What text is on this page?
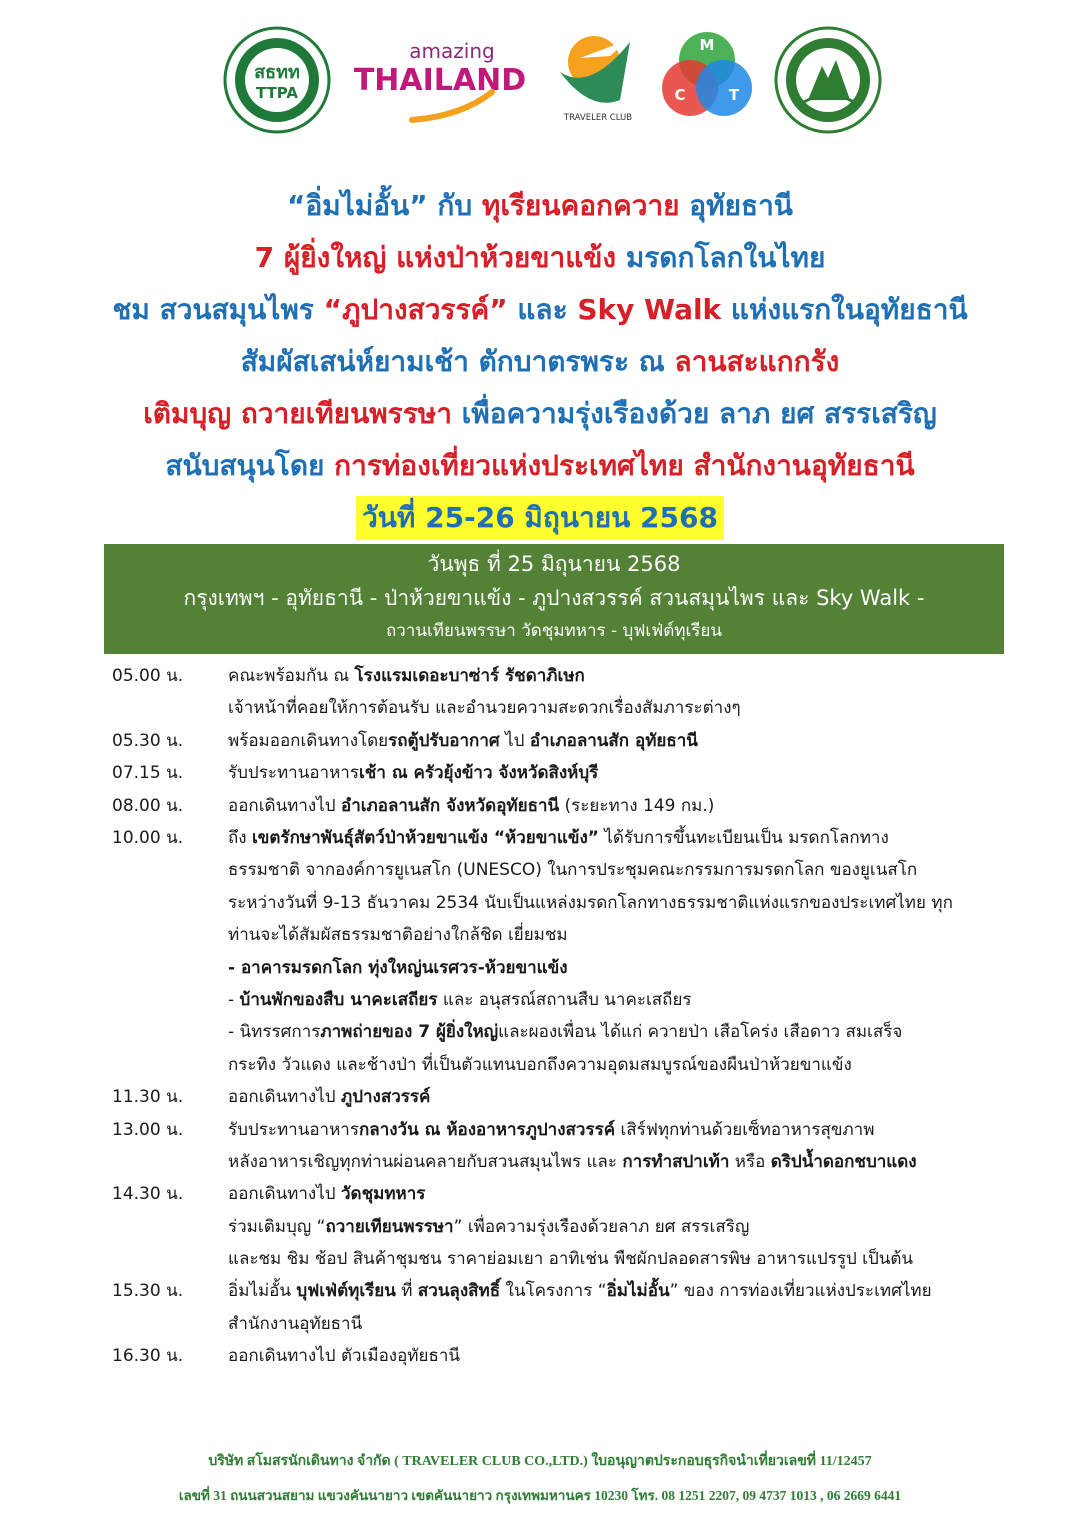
สธทท
TTPA
amazing
THAILAND
TRAVELER CLUB
M
C	T
“อิ่มไม่อั้น” กับ ทุเรียนคอกควาย อุทัยธานี
7 ผู้ยิ่งใหญ่ แห่งป่าห้วยขาแข้ง มรดกโลกในไทย
ชม สวนสมุนไพร “ภูปางสวรรค์” และ Sky Walk แห่งแรกในอุทัยธานี
สัมผัสเสน่ห์ยามเช้า ตักบาตรพระ ณ ลานสะแกกรัง
เติมบุญ ถวายเทียนพรรษา เพื่อความรุ่งเรืองด้วย ลาภ ยศ สรรเสริญ
สนับสนุนโดย การท่องเที่ยวแห่งประเทศไทย สำนักงานอุทัยธานี
วันที่ 25-26 มิถุนายน 2568
วันพุธ ที่ 25 มิถุนายน 2568
กรุงเทพฯ - อุทัยธานี - ป่าห้วยขาแข้ง - ภูปางสวรรค์ สวนสมุนไพร และ Sky Walk -
ถวานเทียนพรรษา วัดชุมทหาร - บุฟเฟ่ต์ทุเรียน
05.00 น.	คณะพร้อมกัน ณ โรงแรมเดอะบาซ่าร์ รัชดาภิเษก
เจ้าหน้าที่คอยให้การต้อนรับ และอำนวยความสะดวกเรื่องสัมภาระต่างๆ
05.30 น.	พร้อมออกเดินทางโดยรถตู้ปรับอากาศ ไป อำเภอลานสัก อุทัยธานี
07.15 น.	รับประทานอาหารเช้า ณ ครัวยุ้งข้าว จังหวัดสิงห์บุรี
08.00 น.	ออกเดินทางไป อำเภอลานสัก จังหวัดอุทัยธานี (ระยะทาง 149 กม.)
10.00 น.	ถึง เขตรักษาพันธุ์สัตว์ป่าห้วยขาแข้ง “ห้วยขาแข้ง” ได้รับการขึ้นทะเบียนเป็น มรดกโลกทาง
ธรรมชาติ จากองค์การยูเนสโก (UNESCO) ในการประชุมคณะกรรมการมรดกโลก ของยูเนสโก
ระหว่างวันที่ 9-13 ธันวาคม 2534 นับเป็นแหล่งมรดกโลกทางธรรมชาติแห่งแรกของประเทศไทย ทุก
ท่านจะได้สัมผัสธรรมชาติอย่างใกล้ชิด เยี่ยมชม
- อาคารมรดกโลก ทุ่งใหญ่นเรศวร-ห้วยขาแข้ง
- บ้านพักของสืบ นาคะเสถียร และ อนุสรณ์สถานสืบ นาคะเสถียร
- นิทรรศการภาพถ่ายของ 7 ผู้ยิ่งใหญ่และผองเพื่อน ได้แก่ ควายป่า เสือโคร่ง เสือดาว สมเสร็จ
กระทิง วัวแดง และช้างป่า ที่เป็นตัวแทนบอกถึงความอุดมสมบูรณ์ของผืนป่าห้วยขาแข้ง
11.30 น.	ออกเดินทางไป ภูปางสวรรค์
13.00 น.	รับประทานอาหารกลางวัน ณ ห้องอาหารภูปางสวรรค์ เสิร์ฟทุกท่านด้วยเซ็ทอาหารสุขภาพ
หลังอาหารเชิญทุกท่านผ่อนคลายกับสวนสมุนไพร และ การทำสปาเท้า หรือ ดริปน้ำดอกชบาแดง
14.30 น.	ออกเดินทางไป วัดชุมทหาร
ร่วมเติมบุญ “ถวายเทียนพรรษา” เพื่อความรุ่งเรืองด้วยลาภ ยศ สรรเสริญ
และชม ชิม ช้อป สินค้าชุมชน ราคาย่อมเยา อาทิเช่น พืชผักปลอดสารพิษ อาหารแปรรูป เป็นต้น
15.30 น.	อิ่มไม่อั้น บุฟเฟ่ต์ทุเรียน ที่ สวนลุงสิทธิ์ ในโครงการ “อิ่มไม่อั้น” ของ การท่องเที่ยวแห่งประเทศไทย
สำนักงานอุทัยธานี
16.30 น.	ออกเดินทางไป ตัวเมืองอุทัยธานี
บริษัท สโมสรนักเดินทาง จำกัด ( TRAVELER CLUB CO.,LTD.) ใบอนุญาตประกอบธุรกิจนำเที่ยวเลขที่ 11/12457
เลขที่ 31 ถนนสวนสยาม แขวงคันนายาว เขตคันนายาว กรุงเทพมหานคร 10230 โทร. 08 1251 2207, 09 4737 1013 , 06 2669 6441
